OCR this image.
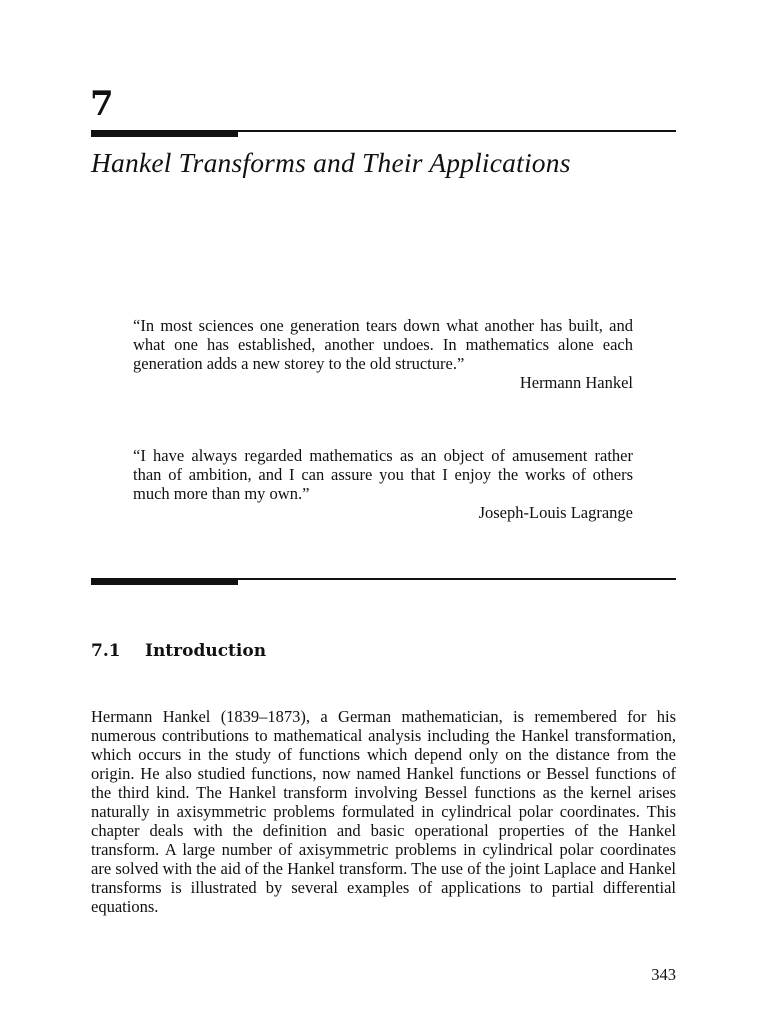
7
Hankel Transforms and Their Applications

“In most sciences one generation tears down what another has built, and what one has established, another undoes. In mathematics alone each generation adds a new storey to the old structure.”

Hermann Hankel

“I have always regarded mathematics as an object of amusement rather than of ambition, and I can assure you that I enjoy the works of others much more than my own.”

Joseph-Louis Lagrange

7.1 Introduction

Hermann Hankel (1839–1873), a German mathematician, is remembered for his numerous contributions to mathematical analysis including the Hankel transformation, which occurs in the study of functions which depend only on the distance from the origin. He also studied functions, now named Hankel functions or Bessel functions of the third kind. The Hankel transform involving Bessel functions as the kernel arises naturally in axisymmetric problems formulated in cylindrical polar coordinates. This chapter deals with the definition and basic operational properties of the Hankel transform. A large number of axisymmetric problems in cylindrical polar coordinates are solved with the aid of the Hankel transform. The use of the joint Laplace and Hankel transforms is illustrated by several examples of applications to partial differential equations.

343
